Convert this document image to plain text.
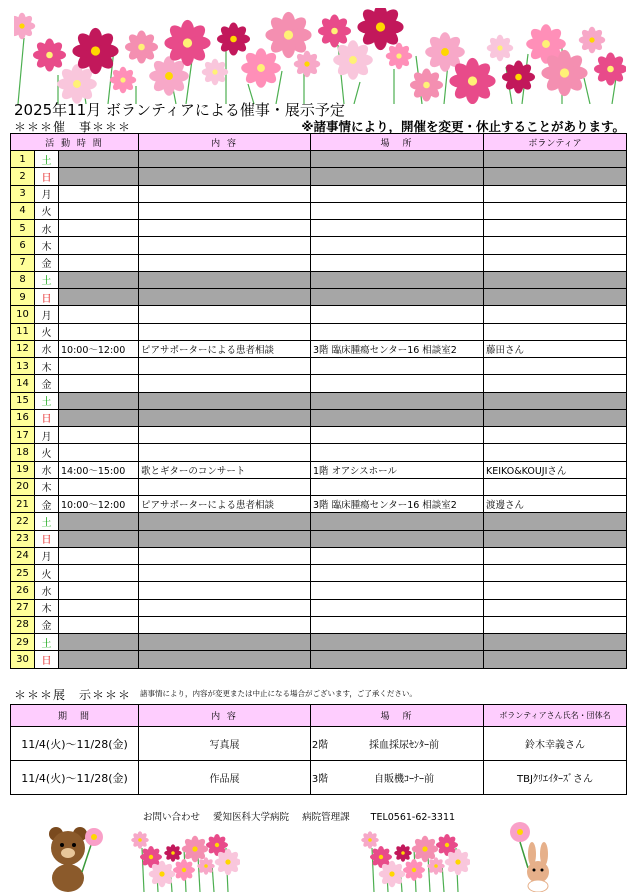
2025年11月 ボランティアによる催事・展示予定
＊＊＊催　事＊＊＊	※諸事情により，開催を変更・休止することがあります。
活 動 時 間			内 容	場　所	ボランティア
1	土				
2	日				
3	月				
4	火				
5	水				
6	木				
7	金				
8	土				
9	日				
10	月				
11	火				
12	水	10:00～12:00	ピアサポーターによる患者相談	3階 臨床腫瘍センター16 相談室2	藤田さん
13	木				
14	金				
15	土				
16	日				
17	月				
18	火				
19	水	14:00～15:00	歌とギターのコンサート	1階 オアシスホール	KEIKO&KOUJIさん
20	木				
21	金	10:00～12:00	ピアサポーターによる患者相談	3階 臨床腫瘍センター16 相談室2	渡邊さん
22	土				
23	日				
24	月				
25	火				
26	水				
27	木				
28	金				
29	土				
30	日				
＊＊＊展　示＊＊＊ 諸事情により，内容が変更または中止になる場合がございます，ご了承ください。
期　間	内 容	場　所	ボランティアさん氏名・団体名
11/4(火)～11/28(金)	写真展	2階 採血採尿ｾﾝﾀｰ前	鈴木幸義さん
11/4(火)～11/28(金)	作品展	3階 自販機ｺｰﾅｰ前	TBJｸﾘｴｲﾀｰｽﾞさん
お問い合わせ 愛知医科大学病院 病院管理課 TEL0561-62-3311
